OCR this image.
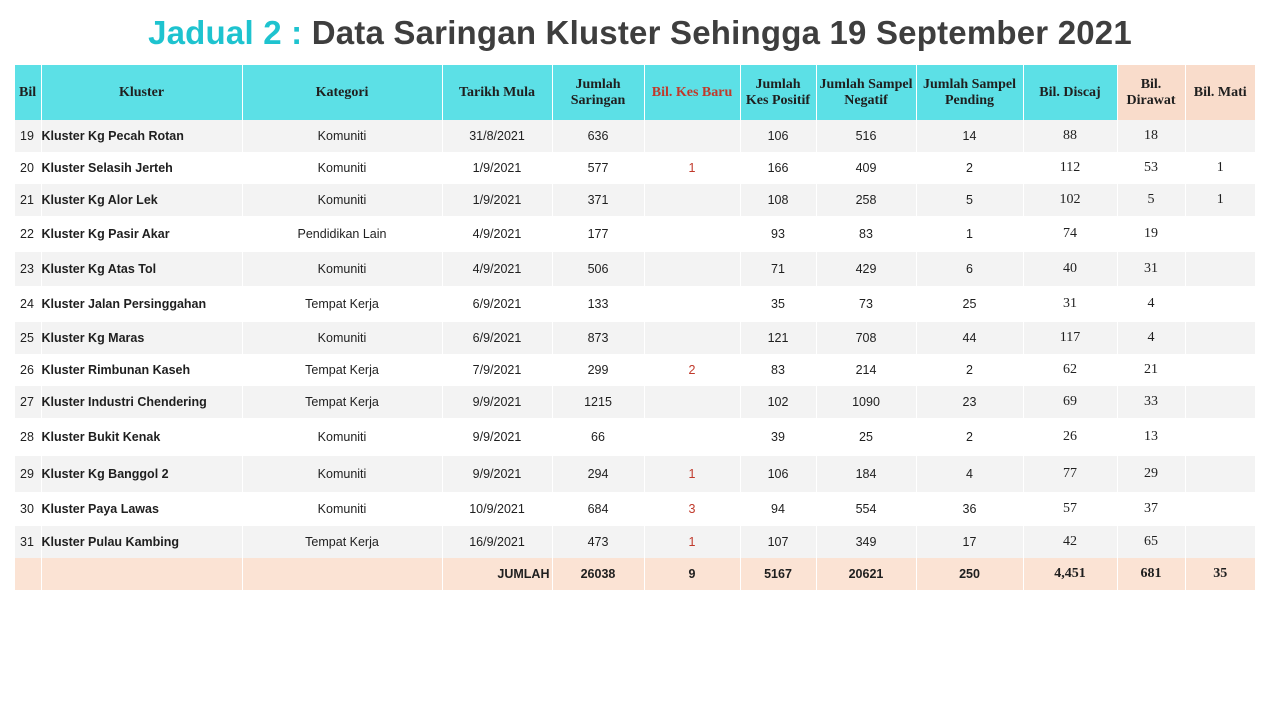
Jadual 2 : Data Saringan Kluster Sehingga 19 September 2021
Bil	Kluster	Kategori	Tarikh Mula	Jumlah Saringan	Bil. Kes Baru	Jumlah Kes Positif	Jumlah Sampel Negatif	Jumlah Sampel Pending	Bil. Discaj	Bil. Dirawat	Bil. Mati
19	Kluster Kg Pecah Rotan	Komuniti	31/8/2021	636		106	516	14	88	18	
20	Kluster Selasih Jerteh	Komuniti	1/9/2021	577	1	166	409	2	112	53	1
21	Kluster Kg Alor Lek	Komuniti	1/9/2021	371		108	258	5	102	5	1
22	Kluster Kg Pasir Akar	Pendidikan Lain	4/9/2021	177		93	83	1	74	19	
23	Kluster Kg Atas Tol	Komuniti	4/9/2021	506		71	429	6	40	31	
24	Kluster Jalan Persinggahan	Tempat Kerja	6/9/2021	133		35	73	25	31	4	
25	Kluster Kg Maras	Komuniti	6/9/2021	873		121	708	44	117	4	
26	Kluster Rimbunan Kaseh	Tempat Kerja	7/9/2021	299	2	83	214	2	62	21	
27	Kluster Industri Chendering	Tempat Kerja	9/9/2021	1215		102	1090	23	69	33	
28	Kluster Bukit Kenak	Komuniti	9/9/2021	66		39	25	2	26	13	
29	Kluster Kg Banggol 2	Komuniti	9/9/2021	294	1	106	184	4	77	29	
30	Kluster Paya Lawas	Komuniti	10/9/2021	684	3	94	554	36	57	37	
31	Kluster Pulau Kambing	Tempat Kerja	16/9/2021	473	1	107	349	17	42	65	
			JUMLAH	26038	9	5167	20621	250	4,451	681	35
